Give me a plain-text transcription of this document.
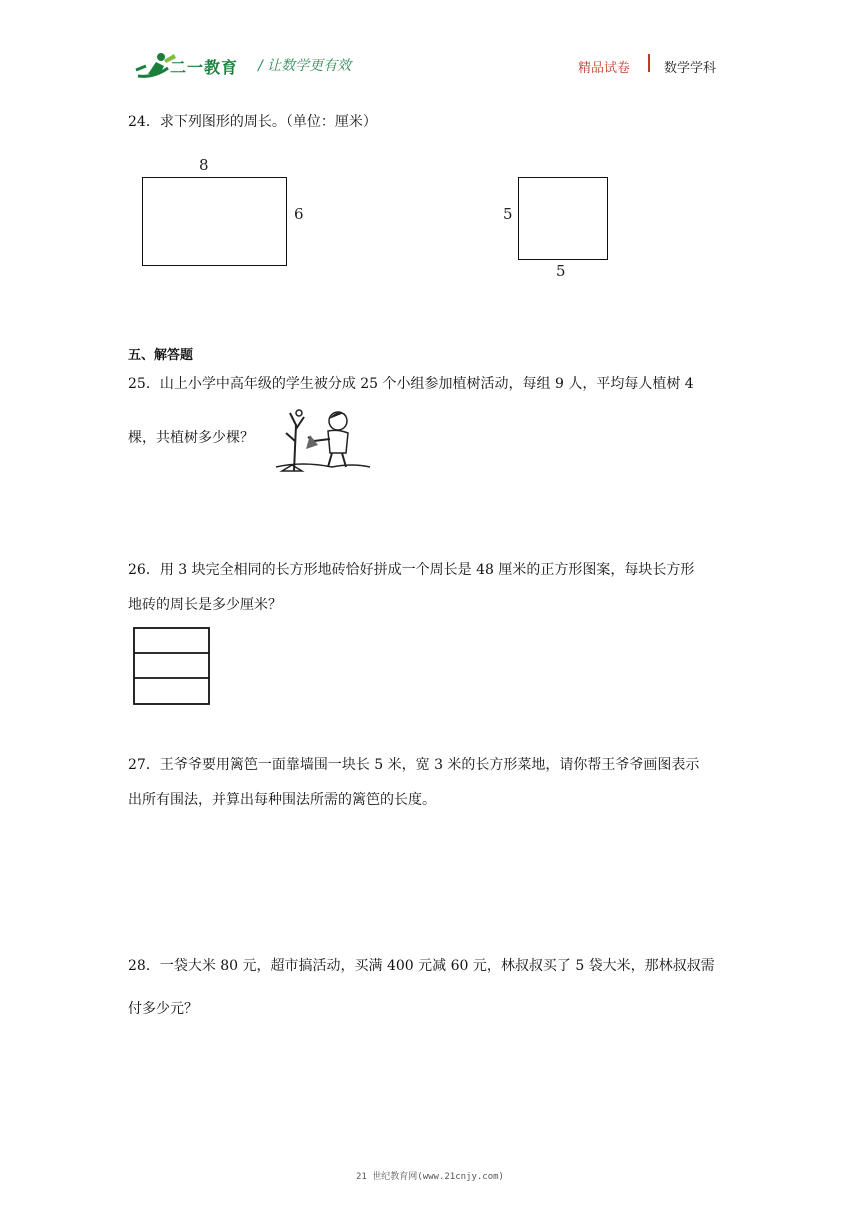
二一教育 / 让数学更有效	精品试卷	数学学科
24．求下列图形的周长。（单位：厘米）
8
6	5
5
五、解答题
25．山上小学中高年级的学生被分成 25 个小组参加植树活动，每组 9 人，平均每人植树 4
棵，共植树多少棵？
26．用 3 块完全相同的长方形地砖恰好拼成一个周长是 48 厘米的正方形图案，每块长方形
地砖的周长是多少厘米？
27．王爷爷要用篱笆一面靠墙围一块长 5 米，宽 3 米的长方形菜地，请你帮王爷爷画图表示
出所有围法，并算出每种围法所需的篱笆的长度。
28．一袋大米 80 元，超市搞活动，买满 400 元减 60 元，林叔叔买了 5 袋大米，那林叔叔需
付多少元？
21 世纪教育网(www.21cnjy.com)
